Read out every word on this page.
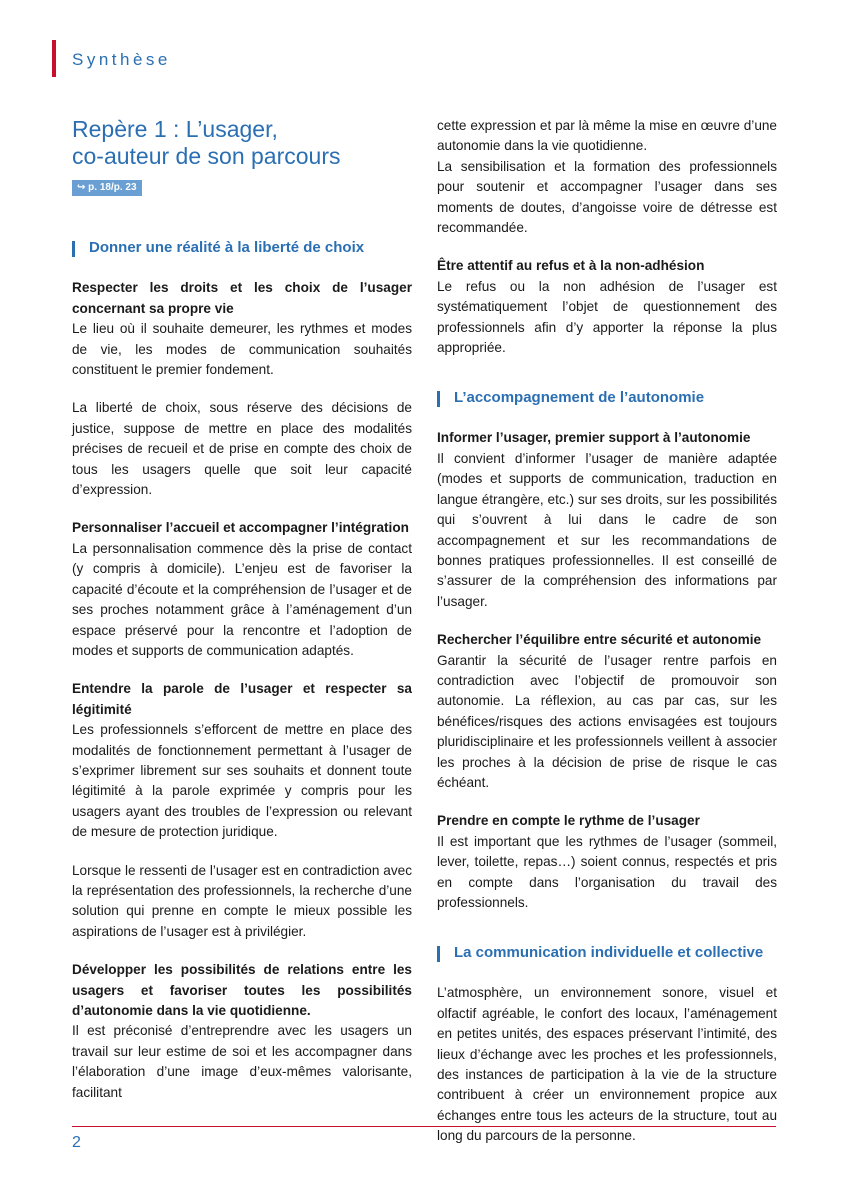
Synthèse
Repère 1 : L’usager,
co-auteur de son parcours
↪ p. 18/p. 23
Donner une réalité à la liberté de choix

Respecter les droits et les choix de l’usager concernant sa propre vie

Le lieu où il souhaite demeurer, les rythmes et modes de vie, les modes de communication souhaités constituent le premier fondement.

La liberté de choix, sous réserve des décisions de justice, suppose de mettre en place des modalités précises de recueil et de prise en compte des choix de tous les usagers quelle que soit leur capacité d’expression.

Personnaliser l’accueil et accompagner l’intégration

La personnalisation commence dès la prise de contact (y compris à domicile). L’enjeu est de favoriser la capacité d’écoute et la compréhension de l’usager et de ses proches notamment grâce à l’aménagement d’un espace préservé pour la rencontre et l’adoption de modes et supports de communication adaptés.

Entendre la parole de l’usager et respecter sa légitimité

Les professionnels s’efforcent de mettre en place des modalités de fonctionnement permettant à l’usager de s’exprimer librement sur ses souhaits et donnent toute légitimité à la parole exprimée y compris pour les usagers ayant des troubles de l’expression ou relevant de mesure de protection juridique.

Lorsque le ressenti de l’usager est en contradiction avec la représentation des professionnels, la recherche d’une solution qui prenne en compte le mieux possible les aspirations de l’usager est à privilégier.

Développer les possibilités de relations entre les usagers et favoriser toutes les possibilités d’autonomie dans la vie quotidienne.

Il est préconisé d’entreprendre avec les usagers un travail sur leur estime de soi et les accompagner dans l’élaboration d’une image d’eux-mêmes valorisante, facilitant

cette expression et par là même la mise en œuvre d’une autonomie dans la vie quotidienne.

La sensibilisation et la formation des professionnels pour soutenir et accompagner l’usager dans ses moments de doutes, d’angoisse voire de détresse est recommandée.

Être attentif au refus et à la non-adhésion

Le refus ou la non adhésion de l’usager est systématiquement l’objet de questionnement des professionnels afin d’y apporter la réponse la plus appropriée.

L’accompagnement de l’autonomie

Informer l’usager, premier support à l’autonomie

Il convient d’informer l’usager de manière adaptée (modes et supports de communication, traduction en langue étrangère, etc.) sur ses droits, sur les possibilités qui s’ouvrent à lui dans le cadre de son accompagnement et sur les recommandations de bonnes pratiques professionnelles. Il est conseillé de s’assurer de la compréhension des informations par l’usager.

Rechercher l’équilibre entre sécurité et autonomie

Garantir la sécurité de l’usager rentre parfois en contradiction avec l’objectif de promouvoir son autonomie. La réflexion, au cas par cas, sur les bénéfices/risques des actions envisagées est toujours pluridisciplinaire et les professionnels veillent à associer les proches à la décision de prise de risque le cas échéant.

Prendre en compte le rythme de l’usager

Il est important que les rythmes de l’usager (sommeil, lever, toilette, repas…) soient connus, respectés et pris en compte dans l’organisation du travail des professionnels.

La communication individuelle et collective

L’atmosphère, un environnement sonore, visuel et olfactif agréable, le confort des locaux, l’aménagement en petites unités, des espaces préservant l’intimité, des lieux d’échange avec les proches et les professionnels, des instances de participation à la vie de la structure contribuent à créer un environnement propice aux échanges entre tous les acteurs de la structure, tout au long du parcours de la personne.

2
